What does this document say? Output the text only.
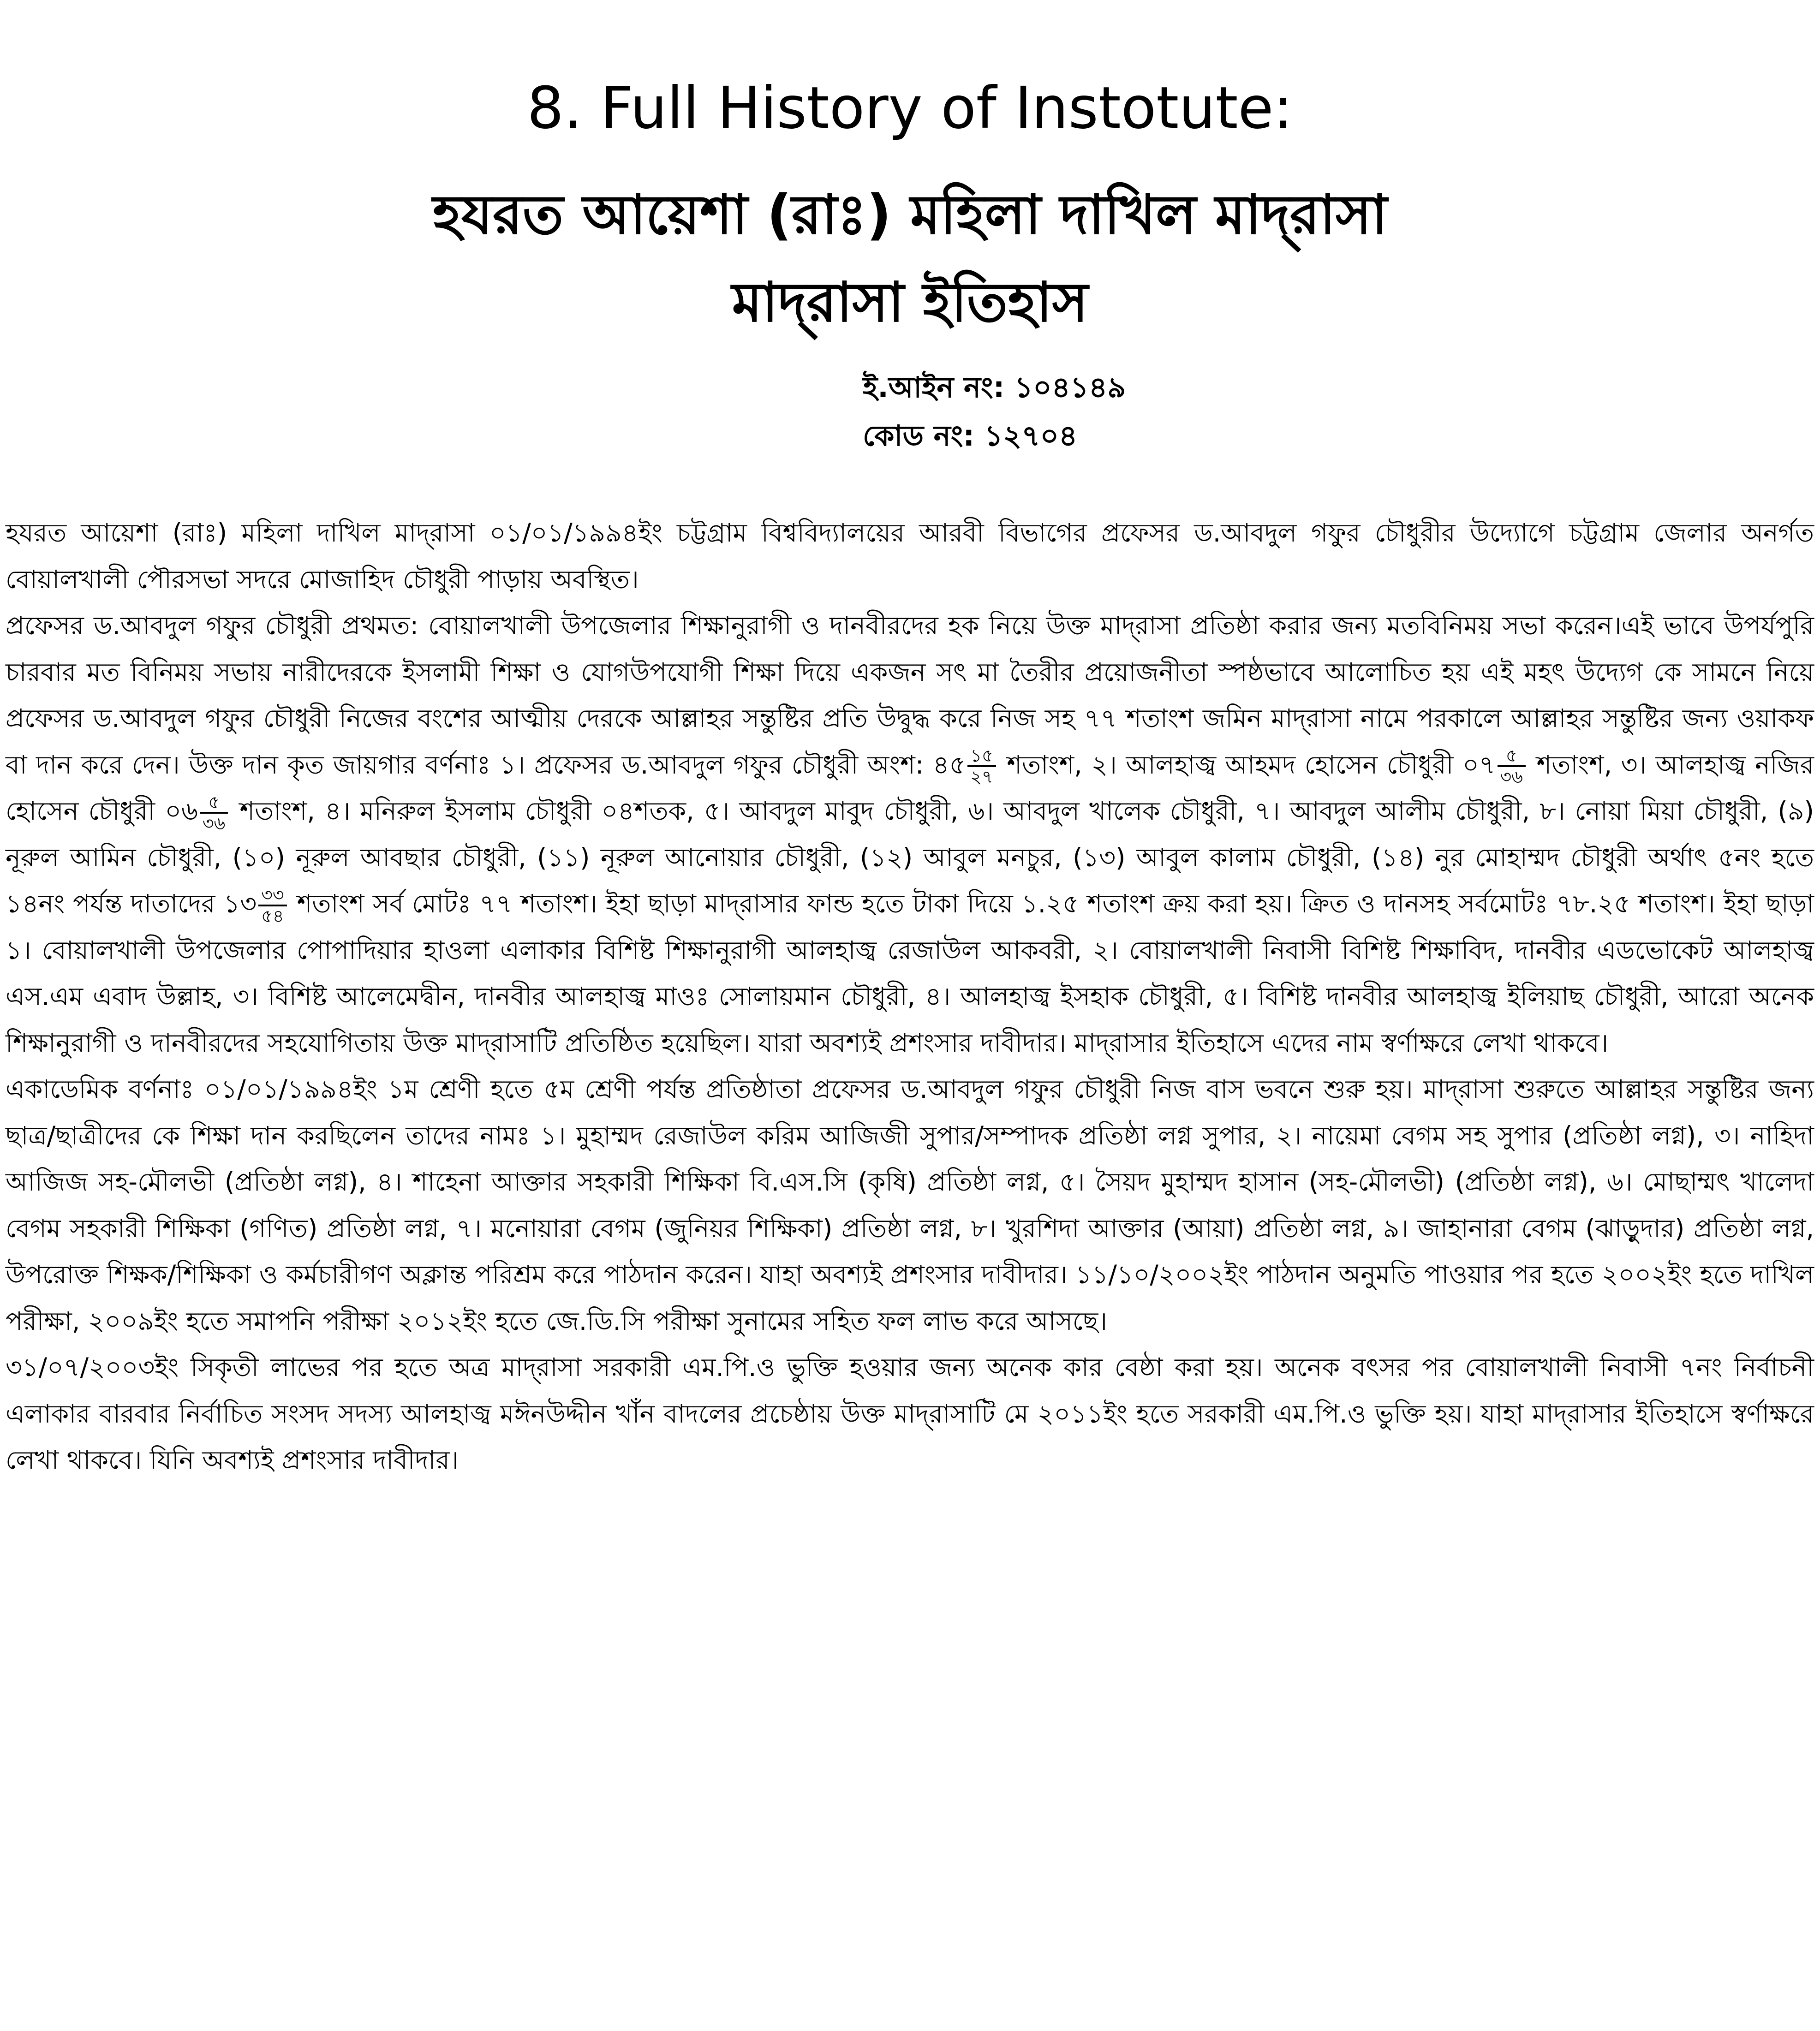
8. Full History of Instotute:
হযরত আয়েশা (রাঃ) মহিলা দাখিল মাদ্‌রাসা
মাদ্‌রাসা ইতিহাস
ই.আইন নং: ১০৪১৪৯
কোড নং: ১২৭০৪

হযরত আয়েশা (রাঃ) মহিলা দাখিল মাদ্‌রাসা ০১/০১/১৯৯৪ইং চট্টগ্রাম বিশ্ববিদ্যালয়ের আরবী বিভাগের প্রফেসর ড.আবদুল গফুর চৌধুরীর উদ্যোগে চট্টগ্রাম জেলার অনর্গত বোয়ালখালী পৌরসভা সদরে মোজাহিদ চৌধুরী পাড়ায় অবস্থিত।

প্রফেসর ড.আবদুল গফুর চৌধুরী প্রথমত: বোয়ালখালী উপজেলার শিক্ষানুরাগী ও দানবীরদের হক নিয়ে উক্ত মাদ্‌রাসা প্রতিষ্ঠা করার জন্য মতবিনিময় সভা করেন।এই ভাবে উপর্যপুরি চারবার মত বিনিময় সভায় নারীদেরকে ইসলামী শিক্ষা ও যোগউপযোগী শিক্ষা দিয়ে একজন সৎ মা তৈরীর প্রয়োজনীতা স্পষ্ঠভাবে আলোচিত হয় এই মহৎ উদ্যেগ কে সামনে নিয়ে প্রফেসর ড.আবদুল গফুর চৌধুরী নিজের বংশের আত্মীয় দেরকে আল্লাহর সন্তুষ্টির প্রতি উদ্বুদ্ধ করে নিজ সহ ৭৭ শতাংশ জমিন মাদ্‌রাসা নামে পরকালে আল্লাহর সন্তুষ্টির জন্য ওয়াকফ বা দান করে দেন। উক্ত দান কৃত জায়গার বর্ণনাঃ ১। প্রফেসর ড.আবদুল গফুর চৌধুরী অংশ: ৪৫ $\frac{১৫}{২৭}$ শতাংশ, ২। আলহাজ্ব আহমদ হোসেন চৌধুরী ০৭ $\frac{৫}{৩৬}$ শতাংশ, ৩। আলহাজ্ব নজির হোসেন চৌধুরী ০৬ $\frac{৫}{৩৬}$ শতাংশ, ৪। মনিরুল ইসলাম চৌধুরী ০৪শতক, ৫। আবদুল মাবুদ চৌধুরী, ৬। আবদুল খালেক চৌধুরী, ৭। আবদুল আলীম চৌধুরী, ৮। নোয়া মিয়া চৌধুরী, (৯) নূরুল আমিন চৌধুরী, (১০) নূরুল আবছার চৌধুরী, (১১) নূরুল আনোয়ার চৌধুরী, (১২) আবুল মনচুর, (১৩) আবুল কালাম চৌধুরী, (১৪) নুর মোহাম্মদ চৌধুরী অর্থাৎ ৫নং হতে ১৪নং পর্যন্ত দাতাদের ১৩ $\frac{৩৩}{৫৪}$ শতাংশ সর্ব মোটঃ ৭৭ শতাংশ। ইহা ছাড়া মাদ্‌রাসার ফান্ড হতে টাকা দিয়ে ১.২৫ শতাংশ ক্রয় করা হয়। ক্রিত ও দানসহ সর্বমোটঃ ৭৮.২৫ শতাংশ। ইহা ছাড়া ১। বোয়ালখালী উপজেলার পোপাদিয়ার হাওলা এলাকার বিশিষ্ট শিক্ষানুরাগী আলহাজ্ব রেজাউল আকবরী, ২। বোয়ালখালী নিবাসী বিশিষ্ট শিক্ষাবিদ, দানবীর এডভোকেট আলহাজ্ব এস.এম এবাদ উল্লাহ, ৩। বিশিষ্ট আলেমেদ্বীন, দানবীর আলহাজ্ব মাওঃ সোলায়মান চৌধুরী, ৪। আলহাজ্ব ইসহাক চৌধুরী, ৫। বিশিষ্ট দানবীর আলহাজ্ব ইলিয়াছ চৌধুরী, আরো অনেক শিক্ষানুরাগী ও দানবীরদের সহযোগিতায় উক্ত মাদ্‌রাসাটি প্রতিষ্ঠিত হয়েছিল। যারা অবশ্যই প্রশংসার দাবীদার। মাদ্‌রাসার ইতিহাসে এদের নাম স্বর্ণাক্ষরে লেখা থাকবে।

একাডেমিক বর্ণনাঃ ০১/০১/১৯৯৪ইং ১ম শ্রেণী হতে ৫ম শ্রেণী পর্যন্ত প্রতিষ্ঠাতা প্রফেসর ড.আবদুল গফুর চৌধুরী নিজ বাস ভবনে শুরু হয়। মাদ্‌রাসা শুরুতে আল্লাহর সন্তুষ্টির জন্য ছাত্র/ছাত্রীদের কে শিক্ষা দান করছিলেন তাদের নামঃ ১। মুহাম্মদ রেজাউল করিম আজিজী সুপার/সম্পাদক প্রতিষ্ঠা লগ্ন সুপার, ২। নায়েমা বেগম সহ সুপার (প্রতিষ্ঠা লগ্ন), ৩। নাহিদা আজিজ সহ-মৌলভী (প্রতিষ্ঠা লগ্ন), ৪। শাহেনা আক্তার সহকারী শিক্ষিকা বি.এস.সি (কৃষি) প্রতিষ্ঠা লগ্ন, ৫। সৈয়দ মুহাম্মদ হাসান (সহ-মৌলভী) (প্রতিষ্ঠা লগ্ন), ৬। মোছাম্মৎ খালেদা বেগম সহকারী শিক্ষিকা (গণিত) প্রতিষ্ঠা লগ্ন, ৭। মনোয়ারা বেগম (জুনিয়র শিক্ষিকা) প্রতিষ্ঠা লগ্ন, ৮। খুরশিদা আক্তার (আয়া) প্রতিষ্ঠা লগ্ন, ৯। জাহানারা বেগম (ঝাড়ুদার) প্রতিষ্ঠা লগ্ন, উপরোক্ত শিক্ষক/শিক্ষিকা ও কর্মচারীগণ অক্লান্ত পরিশ্রম করে পাঠদান করেন। যাহা অবশ্যই প্রশংসার দাবীদার। ১১/১০/২০০২ইং পাঠদান অনুমতি পাওয়ার পর হতে ২০০২ইং হতে দাখিল পরীক্ষা, ২০০৯ইং হতে সমাপনি পরীক্ষা ২০১২ইং হতে জে.ডি.সি পরীক্ষা সুনামের সহিত ফল লাভ করে আসছে।

৩১/০৭/২০০৩ইং সিকৃতী লাভের পর হতে অত্র মাদ্‌রাসা সরকারী এম.পি.ও ভুক্তি হওয়ার জন্য অনেক কার বেষ্ঠা করা হয়। অনেক বৎসর পর বোয়ালখালী নিবাসী ৭নং নির্বাচনী এলাকার বারবার নির্বাচিত সংসদ সদস্য আলহাজ্ব মঈনউদ্দীন খাঁন বাদলের প্রচেষ্ঠায় উক্ত মাদ্‌রাসাটি মে ২০১১ইং হতে সরকারী এম.পি.ও ভুক্তি হয়। যাহা মাদ্‌রাসার ইতিহাসে স্বর্ণাক্ষরে লেখা থাকবে। যিনি অবশ্যই প্রশংসার দাবীদার।
